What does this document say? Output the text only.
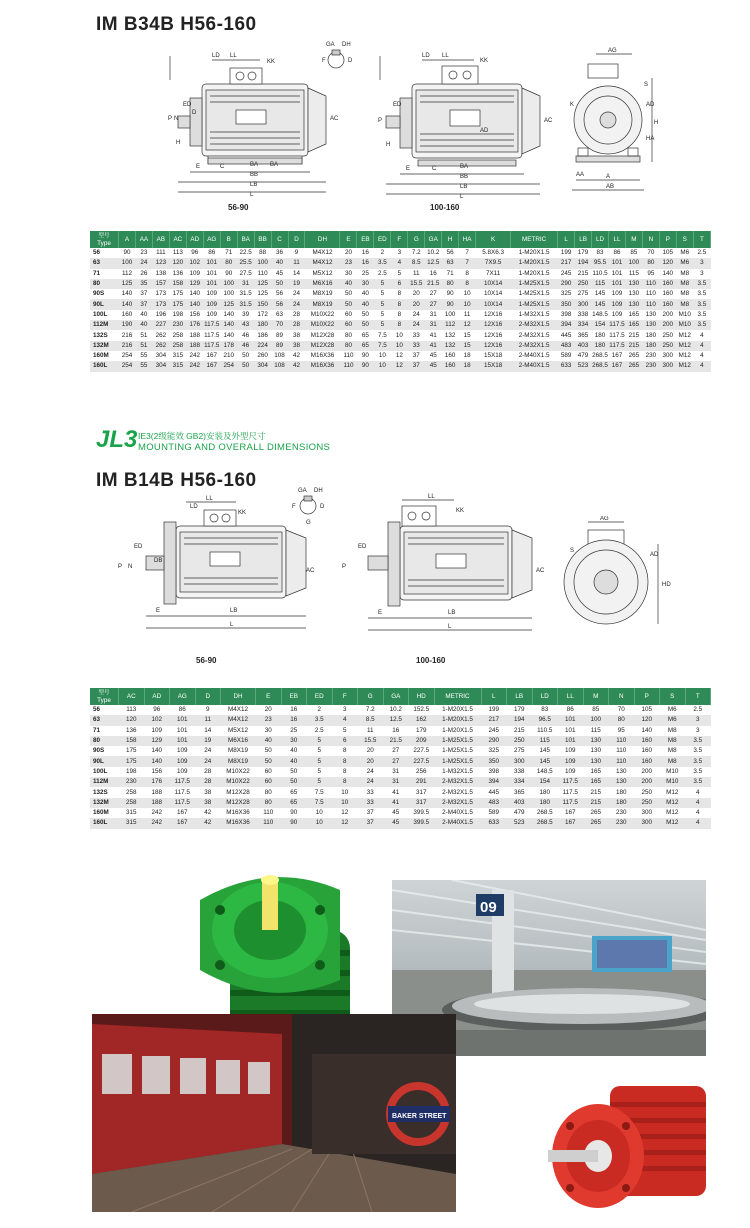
IM B34B H56-160
LD LL
KK
ED
D
P N	AC
E	C	BA BA
BB
LB
L
H
GA DH
D
F
56-90
LD LL
KK
ED
P	AC
AD
E	C	BA
BB
LB
L
H
100-160
AG
S
AD
HA
H
K
AA	A
AB
型号
Type	A	AA	AB	AC	AD	AG	B	BA	BB	C	D	DH	E	EB	ED	F	G	GA	H	HA	K	METRIC	L	LB	LD	LL	M	N	P	S	T
56	90	23	111	113	96	86	71	22.5	88	36	9	M4X12	20	16	2	3	7.2	10.2	56	7	5.8X6.3	1-M20X1.5	199	179	83	86	85	70	105	M6	2.5
63	100	24	123	120	102	101	80	25.5	100	40	11	M4X12	23	16	3.5	4	8.5	12.5	63	7	7X9.5	1-M20X1.5	217	194	95.5	101	100	80	120	M6	3
71	112	26	138	136	109	101	90	27.5	110	45	14	M5X12	30	25	2.5	5	11	16	71	8	7X11	1-M20X1.5	245	215	110.5	101	115	95	140	M8	3
80	125	35	157	158	129	101	100	31	125	50	19	M6X16	40	30	5	6	15.5	21.5	80	8	10X14	1-M25X1.5	290	250	115	101	130	110	160	M8	3.5
90S	140	37	173	175	140	109	100	31.5	125	56	24	M8X19	50	40	5	8	20	27	90	10	10X14	1-M25X1.5	325	275	145	109	130	110	160	M8	3.5
90L	140	37	173	175	140	109	125	31.5	150	56	24	M8X19	50	40	5	8	20	27	90	10	10X14	1-M25X1.5	350	300	145	109	130	110	160	M8	3.5
100L	160	40	196	198	156	109	140	39	172	63	28	M10X22	60	50	5	8	24	31	100	11	12X16	1-M32X1.5	398	338	148.5	109	165	130	200	M10	3.5
112M	190	40	227	230	176	117.5	140	43	180	70	28	M10X22	60	50	5	8	24	31	112	12	12X16	2-M32X1.5	394	334	154	117.5	165	130	200	M10	3.5
132S	216	51	262	258	188	117.5	140	46	186	89	38	M12X28	80	65	7.5	10	33	41	132	15	12X16	2-M32X1.5	445	365	180	117.5	215	180	250	M12	4
132M	216	51	262	258	188	117.5	178	46	224	89	38	M12X28	80	65	7.5	10	33	41	132	15	12X16	2-M32X1.5	483	403	180	117.5	215	180	250	M12	4
160M	254	55	304	315	242	167	210	50	260	108	42	M16X36	110	90	10	12	37	45	160	18	15X18	2-M40X1.5	589	479	268.5	167	265	230	300	M12	4
160L	254	55	304	315	242	167	254	50	304	108	42	M16X36	110	90	10	12	37	45	160	18	15X18	2-M40X1.5	633	523	268.5	167	265	230	300	M12	4
JL3 IE3(2级能效 GB2)安装及外型尺寸
MOUNTING AND OVERALL DIMENSIONS
IM B14B H56-160
LL
LD
KK
ED
DB
P N
AC
E	LB
L
GA DH
D
F
G
56-90
LL
KK
ED
P
AC
E	LB
L
100-160
AG
AD
HD
S
型号
Type	AC	AD	AG	D	DH	E	EB	ED	F	G	GA	HD	METRIC	L	LB	LD	LL	M	N	P	S	T
56	113	96	86	9	M4X12	20	16	2	3	7.2	10.2	152.5	1-M20X1.5	199	179	83	86	85	70	105	M6	2.5
63	120	102	101	11	M4X12	23	16	3.5	4	8.5	12.5	162	1-M20X1.5	217	194	96.5	101	100	80	120	M6	3
71	136	109	101	14	M5X12	30	25	2.5	5	11	16	179	1-M20X1.5	245	215	110.5	101	115	95	140	M8	3
80	158	129	101	19	M6X16	40	30	5	6	15.5	21.5	209	1-M25X1.5	290	250	115	101	130	110	160	M8	3.5
90S	175	140	109	24	M8X19	50	40	5	8	20	27	227.5	1-M25X1.5	325	275	145	109	130	110	160	M8	3.5
90L	175	140	109	24	M8X19	50	40	5	8	20	27	227.5	1-M25X1.5	350	300	145	109	130	110	160	M8	3.5
100L	198	156	109	28	M10X22	60	50	5	8	24	31	256	1-M32X1.5	398	338	148.5	109	165	130	200	M10	3.5
112M	230	176	117.5	28	M10X22	60	50	5	8	24	31	291	2-M32X1.5	394	334	154	117.5	165	130	200	M10	3.5
132S	258	188	117.5	38	M12X28	80	65	7.5	10	33	41	317	2-M32X1.5	445	365	180	117.5	215	180	250	M12	4
132M	258	188	117.5	38	M12X28	80	65	7.5	10	33	41	317	2-M32X1.5	483	403	180	117.5	215	180	250	M12	4
160M	315	242	167	42	M16X36	110	90	10	12	37	45	399.5	2-M40X1.5	589	479	268.5	167	265	230	300	M12	4
160L	315	242	167	42	M16X36	110	90	10	12	37	45	399.5	2-M40X1.5	633	523	268.5	167	265	230	300	M12	4
09
BAKER STREET
